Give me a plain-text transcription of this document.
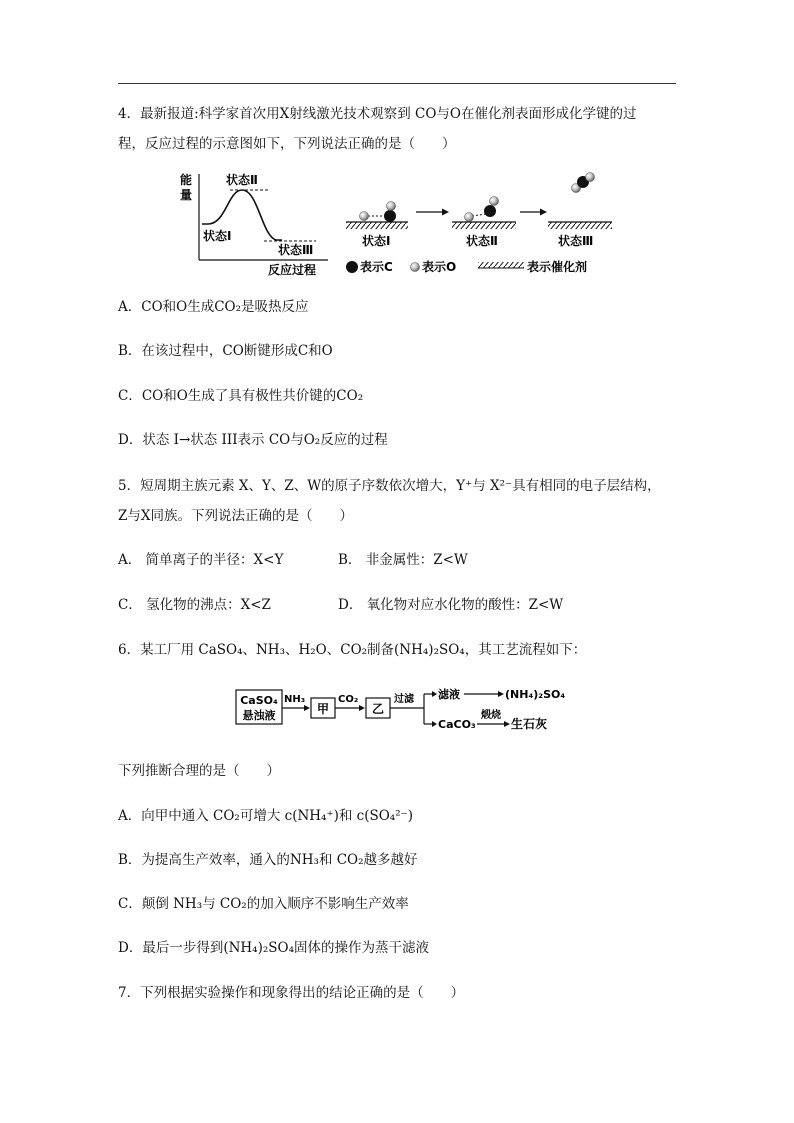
4．最新报道:科学家首次用X射线激光技术观察到 CO与O在催化剂表面形成化学键的过
程，反应过程的示意图如下，下列说法正确的是（　　）
能
量
状态Ⅱ
状态Ⅰ
状态Ⅲ
反应过程
状态Ⅰ	状态Ⅱ	状态Ⅲ
表示C 表示O	表示催化剂
A．CO和O生成CO₂是吸热反应
B．在该过程中，CO断键形成C和O
C．CO和O生成了具有极性共价键的CO₂
D．状态 I→状态 III表示 CO与O₂反应的过程
5．短周期主族元素 X、Y、Z、W的原子序数依次增大，Y⁺与 X²⁻具有相同的电子层结构，
Z与X同族。下列说法正确的是（　　）
A． 简单离子的半径：X<Y	B． 非金属性：Z<W
C． 氢化物的沸点：X<Z	D． 氧化物对应水化物的酸性：Z<W
6．某工厂用 CaSO₄、NH₃、H₂O、CO₂制备(NH₄)₂SO₄，其工艺流程如下：
CaSO₄
悬浊液
NH₃
甲
CO₂
乙
过滤 滤液	(NH₄)₂SO₄
CaCO₃
煅烧
生石灰
下列推断合理的是（　　）
A．向甲中通入 CO₂可增大 c(NH₄⁺)和 c(SO₄²⁻)
B．为提高生产效率，通入的NH₃和 CO₂越多越好
C．颠倒 NH₃与 CO₂的加入顺序不影响生产效率
D．最后一步得到(NH₄)₂SO₄固体的操作为蒸干滤液
7．下列根据实验操作和现象得出的结论正确的是（　　）
